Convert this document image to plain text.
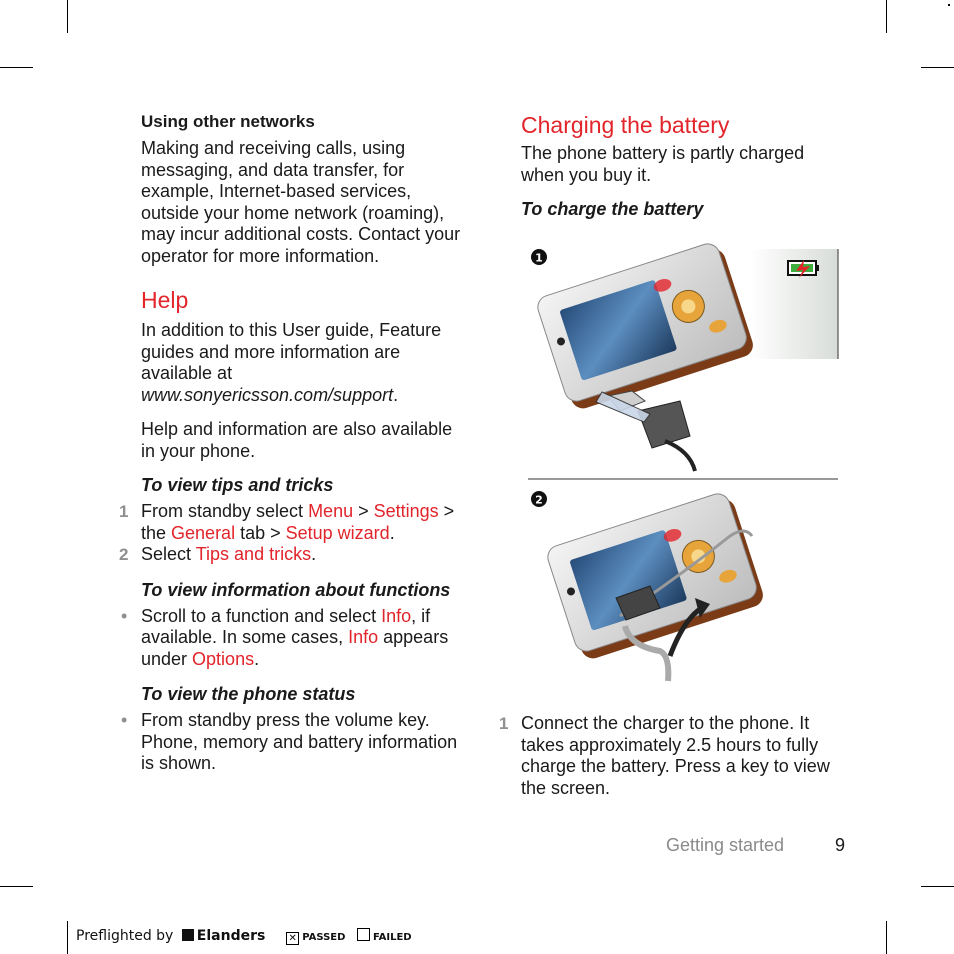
Using other networks

Making and receiving calls, using messaging, and data transfer, for example, Internet-based services, outside your home network (roaming), may incur additional costs. Contact your operator for more information.

Help

In addition to this User guide, Feature guides and more information are available at
www.sonyericsson.com/support.

Help and information are also available in your phone.

To view tips and tricks

1 From standby select Menu > Settings > the General tab > Setup wizard.
2 Select Tips and tricks.

To view information about functions

• Scroll to a function and select Info, if available. In some cases, Info appears under Options.

To view the phone status

• From standby press the volume key. Phone, memory and battery information is shown.
Charging the battery

The phone battery is partly charged when you buy it.

To charge the battery

1
2
1 Connect the charger to the phone. It takes approximately 2.5 hours to fully charge the battery. Press a key to view the screen.
Getting started	9
Preflighted by Elanders ✕ PASSED	FAILED
